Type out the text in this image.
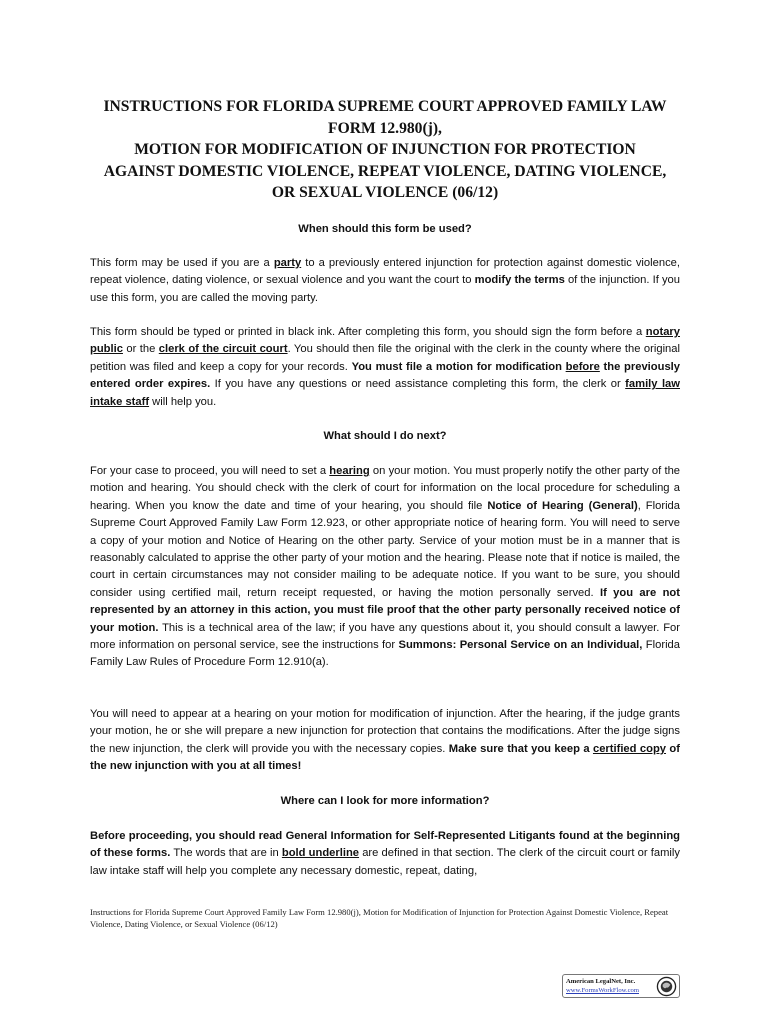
INSTRUCTIONS FOR FLORIDA SUPREME COURT APPROVED FAMILY LAW
FORM 12.980(j),
MOTION FOR MODIFICATION OF INJUNCTION FOR PROTECTION
AGAINST DOMESTIC VIOLENCE, REPEAT VIOLENCE, DATING VIOLENCE,
OR SEXUAL VIOLENCE (06/12)
When should this form be used?
This form may be used if you are a party to a previously entered injunction for protection against domestic violence, repeat violence, dating violence, or sexual violence and you want the court to modify the terms of the injunction. If you use this form, you are called the moving party.
This form should be typed or printed in black ink. After completing this form, you should sign the form before a notary public or the clerk of the circuit court. You should then file the original with the clerk in the county where the original petition was filed and keep a copy for your records. You must file a motion for modification before the previously entered order expires. If you have any questions or need assistance completing this form, the clerk or family law intake staff will help you.
What should I do next?
For your case to proceed, you will need to set a hearing on your motion. You must properly notify the other party of the motion and hearing. You should check with the clerk of court for information on the local procedure for scheduling a hearing. When you know the date and time of your hearing, you should file Notice of Hearing (General), Florida Supreme Court Approved Family Law Form 12.923, or other appropriate notice of hearing form. You will need to serve a copy of your motion and Notice of Hearing on the other party. Service of your motion must be in a manner that is reasonably calculated to apprise the other party of your motion and the hearing. Please note that if notice is mailed, the court in certain circumstances may not consider mailing to be adequate notice. If you want to be sure, you should consider using certified mail, return receipt requested, or having the motion personally served. If you are not represented by an attorney in this action, you must file proof that the other party personally received notice of your motion. This is a technical area of the law; if you have any questions about it, you should consult a lawyer. For more information on personal service, see the instructions for Summons: Personal Service on an Individual, Florida Family Law Rules of Procedure Form 12.910(a).
You will need to appear at a hearing on your motion for modification of injunction. After the hearing, if the judge grants your motion, he or she will prepare a new injunction for protection that contains the modifications. After the judge signs the new injunction, the clerk will provide you with the necessary copies. Make sure that you keep a certified copy of the new injunction with you at all times!
Where can I look for more information?
Before proceeding, you should read General Information for Self-Represented Litigants found at the beginning of these forms. The words that are in bold underline are defined in that section. The clerk of the circuit court or family law intake staff will help you complete any necessary domestic, repeat, dating,
Instructions for Florida Supreme Court Approved Family Law Form 12.980(j), Motion for Modification of Injunction for Protection Against Domestic Violence, Repeat Violence, Dating Violence, or Sexual Violence (06/12)
American LegalNet, Inc.
www.FormsWorkFlow.com
